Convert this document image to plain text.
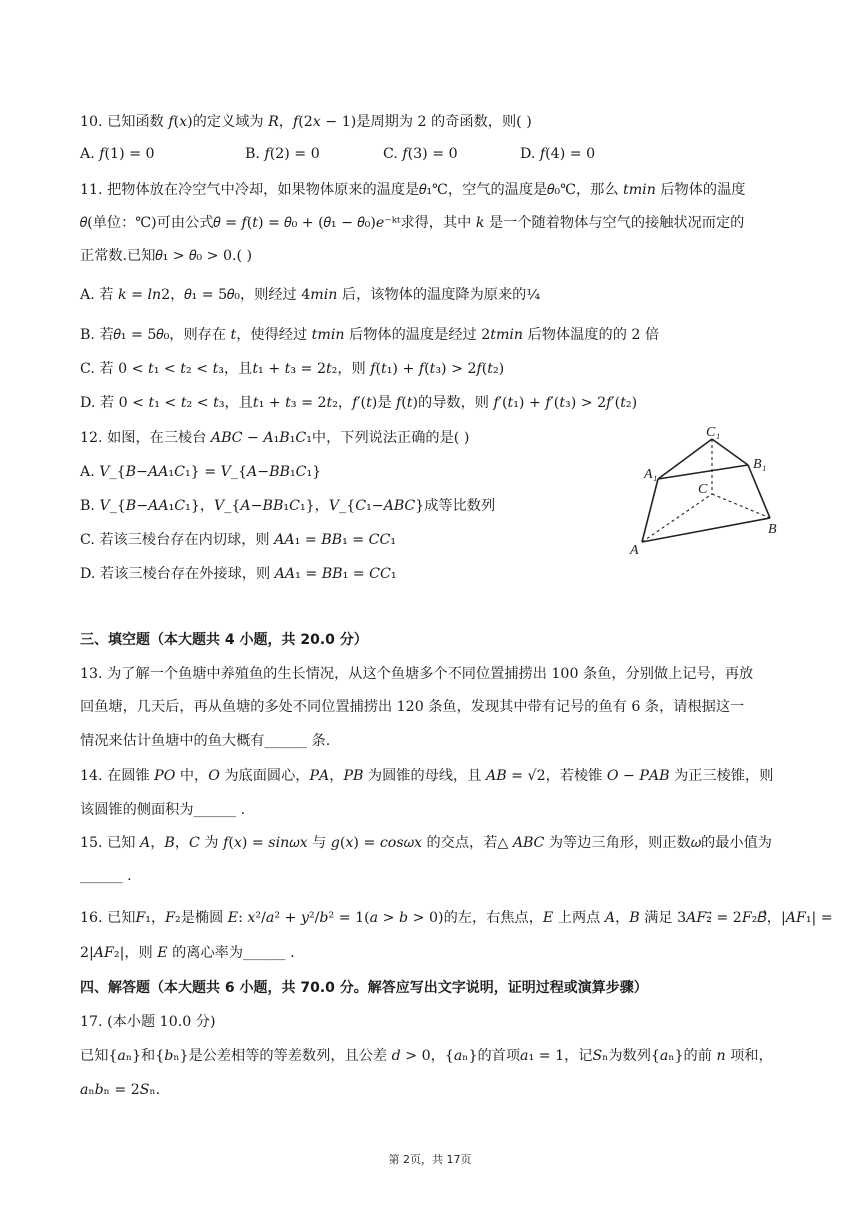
10. 已知函数 𝑓(𝑥)的定义域为 𝑅，𝑓(2𝑥 − 1)是周期为 2 的奇函数，则( )
A. 𝑓(1) = 0	B. 𝑓(2) = 0	C. 𝑓(3) = 0	D. 𝑓(4) = 0
11. 把物体放在冷空气中冷却，如果物体原来的温度是𝜃₁℃，空气的温度是𝜃₀℃，那么 𝑡𝑚𝑖𝑛 后物体的温度
𝜃(单位：℃)可由公式𝜃 = 𝑓(𝑡) = 𝜃₀ + (𝜃₁ − 𝜃₀)𝑒⁻ᵏᵗ求得，其中 𝑘 是一个随着物体与空气的接触状况而定的
正常数.已知𝜃₁ > 𝜃₀ > 0.( )
A. 若 𝑘 = 𝑙𝑛2，𝜃₁ = 5𝜃₀，则经过 4𝑚𝑖𝑛 后，该物体的温度降为原来的¼
B. 若𝜃₁ = 5𝜃₀，则存在 𝑡，使得经过 𝑡𝑚𝑖𝑛 后物体的温度是经过 2𝑡𝑚𝑖𝑛 后物体温度的的 2 倍
C. 若 0 < 𝑡₁ < 𝑡₂ < 𝑡₃，且𝑡₁ + 𝑡₃ = 2𝑡₂，则 𝑓(𝑡₁) + 𝑓(𝑡₃) > 2𝑓(𝑡₂)
D. 若 0 < 𝑡₁ < 𝑡₂ < 𝑡₃，且𝑡₁ + 𝑡₃ = 2𝑡₂，𝑓′(𝑡)是 𝑓(𝑡)的导数，则 𝑓′(𝑡₁) + 𝑓′(𝑡₃) > 2𝑓′(𝑡₂)
12. 如图，在三棱台 𝐴𝐵𝐶 − 𝐴₁𝐵₁𝐶₁中，下列说法正确的是( )
A. 𝑉_{𝐵−𝐴𝐴₁𝐶₁} = 𝑉_{𝐴−𝐵𝐵₁𝐶₁}
B. 𝑉_{𝐵−𝐴𝐴₁𝐶₁}，𝑉_{𝐴−𝐵𝐵₁𝐶₁}，𝑉_{𝐶₁−𝐴𝐵𝐶}成等比数列
C. 若该三棱台存在内切球，则 𝐴𝐴₁ = 𝐵𝐵₁ = 𝐶𝐶₁
D. 若该三棱台存在外接球，则 𝐴𝐴₁ = 𝐵𝐵₁ = 𝐶𝐶₁
C₁
A₁
B₁
C
A
B
三、填空题（本大题共 4 小题，共 20.0 分）
13. 为了解一个鱼塘中养殖鱼的生长情况，从这个鱼塘多个不同位置捕捞出 100 条鱼，分别做上记号，再放
回鱼塘，几天后，再从鱼塘的多处不同位置捕捞出 120 条鱼，发现其中带有记号的鱼有 6 条，请根据这一
情况来估计鱼塘中的鱼大概有______ 条.
14. 在圆锥 𝑃𝑂 中，𝑂 为底面圆心，𝑃𝐴，𝑃𝐵 为圆锥的母线，且 𝐴𝐵 = √2，若棱锥 𝑂 − 𝑃𝐴𝐵 为正三棱锥，则
该圆锥的侧面积为______ .
15. 已知 𝐴，𝐵，𝐶 为 𝑓(𝑥) = 𝑠𝑖𝑛𝜔𝑥 与 𝑔(𝑥) = 𝑐𝑜𝑠𝜔𝑥 的交点，若△ 𝐴𝐵𝐶 为等边三角形，则正数𝜔的最小值为
______ .
16. 已知𝐹₁，𝐹₂是椭圆 𝐸: 𝑥²/𝑎² + 𝑦²/𝑏² = 1(𝑎 > 𝑏 > 0)的左，右焦点，𝐸 上两点 𝐴，𝐵 满足 3𝐴𝐹₂⃗ = 2𝐹₂𝐵⃗，|𝐴𝐹₁| =
2|𝐴𝐹₂|，则 𝐸 的离心率为______ .
四、解答题（本大题共 6 小题，共 70.0 分。解答应写出文字说明，证明过程或演算步骤）
17. (本小题 10.0 分)
已知{𝑎ₙ}和{𝑏ₙ}是公差相等的等差数列，且公差 𝑑 > 0，{𝑎ₙ}的首项𝑎₁ = 1，记𝑆ₙ为数列{𝑎ₙ}的前 𝑛 项和，
𝑎ₙ𝑏ₙ = 2𝑆ₙ.
第 2页，共 17页
